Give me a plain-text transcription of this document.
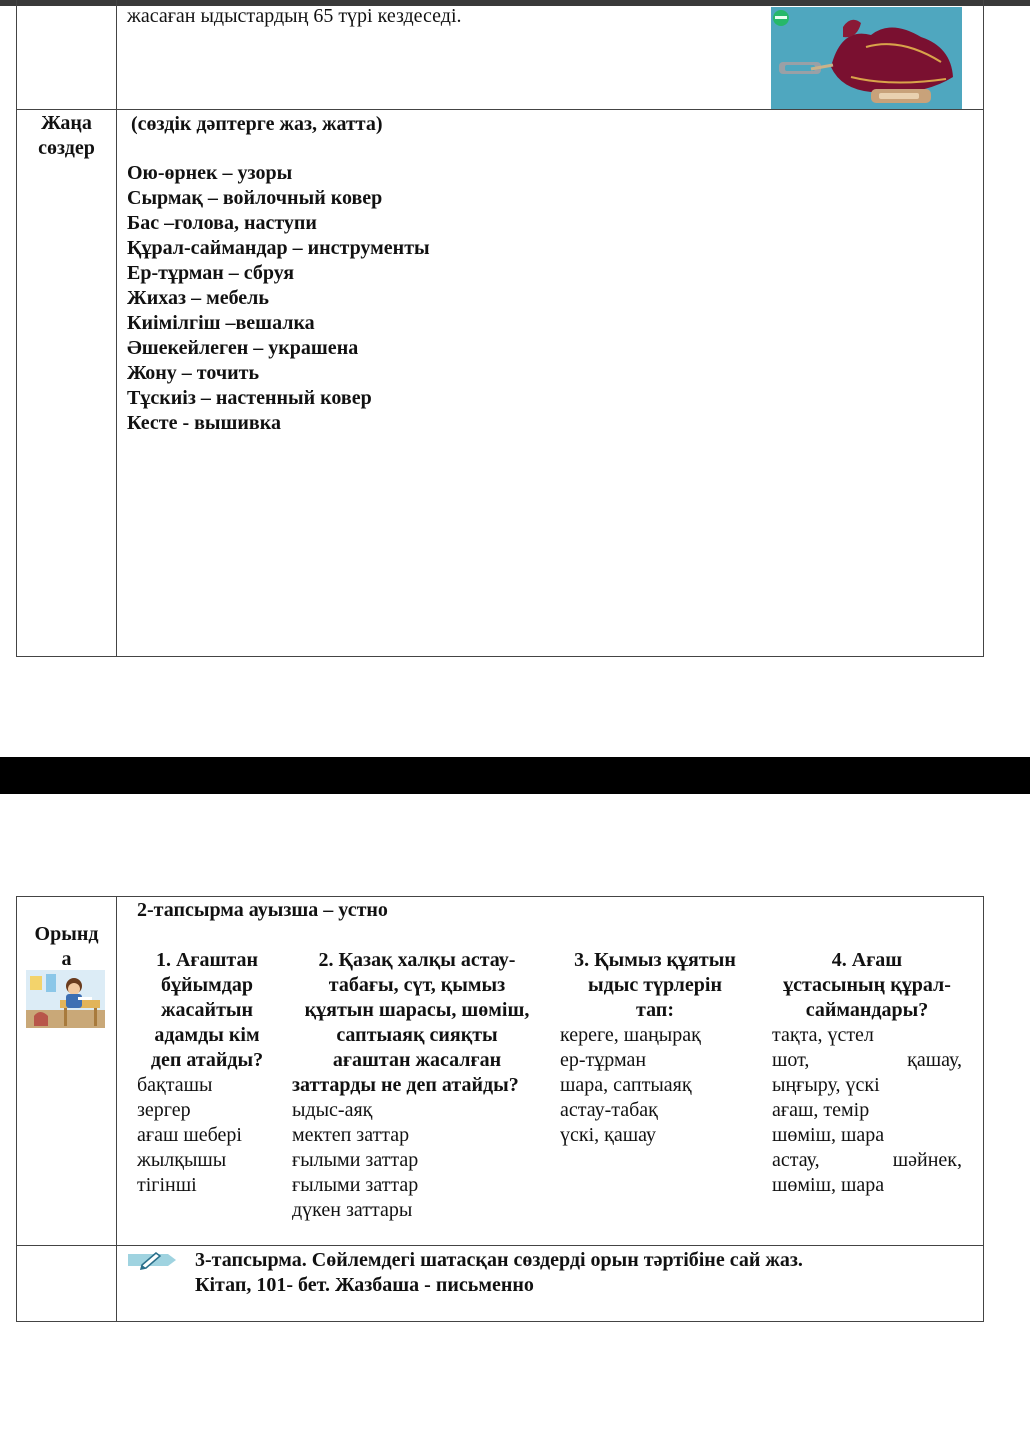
жасаған ыдыстардың 65 түрі кездеседі.
Жаңа
сөздер
(сөздік дәптерге жаз, жатта)
Ою-өрнек – узоры
Сырмақ – войлочный ковер
Бас –голова, наступи
Құрал-саймандар – инструменты
Ер-тұрман – сбруя
Жихаз – мебель
Киімілгіш –вешалка
Әшекейлеген – украшена
Жону – точить
Тұскиіз – настенный ковер
Кесте - вышивка
Орынд
а
2-тапсырма ауызша – устно
1. Ағаштан
бұйымдар
жасайтын
адамды кім
деп атайды?
бақташы
зергер
ағаш шебері
жылқышы
тігінші
2. Қазақ халқы астау-
табағы, сүт, қымыз
құятын шарасы, шөміш,
саптыаяқ сияқты
ағаштан жасалған
заттарды не деп атайды?
ыдыс-аяқ
мектеп заттар
ғылыми заттар
ғылыми заттар
дүкен заттары
3. Қымыз құятын
ыдыс түрлерін
тап:
кереге, шаңырақ
ер-тұрман
шара, саптыаяқ
астау-табақ
үскі, қашау
4. Ағаш
ұстасының құрал-
саймандары?
тақта, үстел
шот,	қашау,
ыңғыру, үскі
ағаш, темір
шөміш, шара
астау,	шәйнек,
шөміш, шара
3-тапсырма. Сөйлемдегі шатасқан сөздерді орын тәртібіне сай жаз.
Кітап, 101- бет. Жазбаша - письменно
